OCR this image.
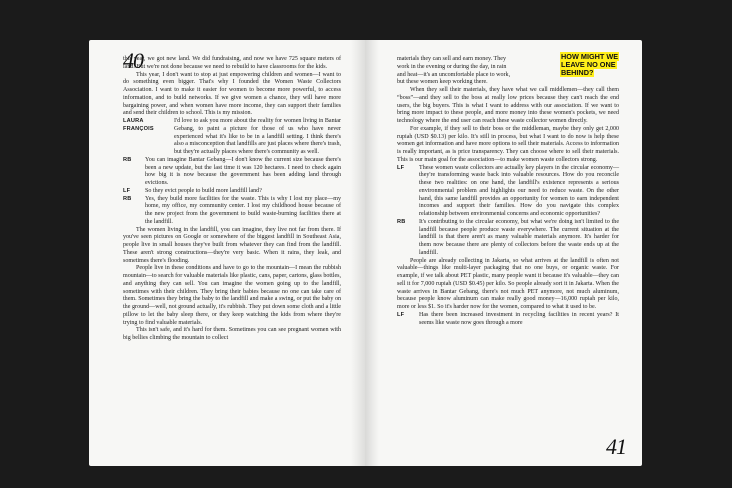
40

this year, we got new land. We did fundraising, and now we have 725 square meters of land. But we're not done because we need to rebuild to have classrooms for the kids.

This year, I don't want to stop at just empowering children and women—I want to do something even bigger. That's why I founded the Women Waste Collectors Association. I want to make it easier for women to become more powerful, to access information, and to build networks. If we give women a chance, they will have more bargaining power, and when women have more income, they can support their families and send their children to school. This is my mission.

LAURA FRANÇOIS
I'd love to ask you more about the reality for women living in Bantar Gebang, to paint a picture for those of us who have never experienced what it's like to be in a landfill setting. I think there's also a misconception that landfills are just places where there's trash, but they're actually places where there's community as well.
RB	You can imagine Bantar Gebang—I don't know the current size because there's been a new update, but the last time it was 120 hectares. I need to check again how big it is now because the government has been adding land through evictions.
LF	So they evict people to build more landfill land?
RB	Yes, they build more facilities for the waste. This is why I lost my place—my home, my office, my community center. I lost my childhood house because of the new project from the government to build waste-burning facilities there at the landfill.

The women living in the landfill, you can imagine, they live not far from there. If you've seen pictures on Google or somewhere of the biggest landfill in Southeast Asia, people live in small houses they've built from whatever they can find from the landfill. These aren't strong constructions—they're very basic. When it rains, they leak, and sometimes there's flooding.

People live in these conditions and have to go to the mountain—I mean the rubbish mountain—to search for valuable materials like plastic, cans, paper, cartons, glass bottles, and anything they can sell. You can imagine the women going up to the landfill, sometimes with their children. They bring their babies because no one can take care of them. Sometimes they bring the baby to the landfill and make a swing, or put the baby on the ground—well, not ground actually, it's rubbish. They put down some cloth and a little pillow to let the baby sleep there, or they keep watching the kids from where they're trying to find valuable materials.

This isn't safe, and it's hard for them. Sometimes you can see pregnant women with big bellies climbing the mountain to collect

HOW MIGHT WE LEAVE NO ONE BEHIND?
materials they can sell and earn money. They
work in the evening or during the day, in rain
and heat—it's an uncomfortable place to work,
but these women keep working there.

When they sell their materials, they have what we call middlemen—they call them “boss”—and they sell to the boss at really low prices because they can't reach the end users, the big buyers. This is what I want to address with our association. If we want to bring more impact to these people, and more money into these women's pockets, we need technology where the end user can reach these waste collector women directly.

For example, if they sell to their boss or the middleman, maybe they only get 2,000 rupiah (USD $0.13) per kilo. It's still in process, but what I want to do now is help these women get information and have more options to sell their materials. Access to information is really important, as is price transparency. They can choose where to sell their materials. This is our main goal for the association—to make women waste collectors strong.

LF	These women waste collectors are actually key players in the circular economy—they're transforming waste back into valuable resources. How do you reconcile these two realities: on one hand, the landfill's existence represents a serious environmental problem and highlights our need to reduce waste. On the other hand, this same landfill provides an opportunity for women to earn independent incomes and support their families. How do you navigate this complex relationship between environmental concerns and economic opportunities?
RB	It's contributing to the circular economy, but what we're doing isn't limited to the landfill because people produce waste everywhere. The current situation at the landfill is that there aren't as many valuable materials anymore. It's harder for them now because there are plenty of collectors before the waste ends up at the landfill.

People are already collecting in Jakarta, so what arrives at the landfill is often not valuable—things like multi-layer packaging that no one buys, or organic waste. For example, if we talk about PET plastic, many people want it because it's valuable—they can sell it for 7,000 rupiah (USD $0.45) per kilo. So people already sort it in Jakarta. When the waste arrives in Bantar Gebang, there's not much PET anymore, not much aluminum, because people know aluminum can make really good money—16,000 rupiah per kilo, more or less $1. So it's harder now for the women, compared to what it used to be.

LF	Has there been increased investment in recycling facilities in recent years? It seems like waste now goes through a more
41
